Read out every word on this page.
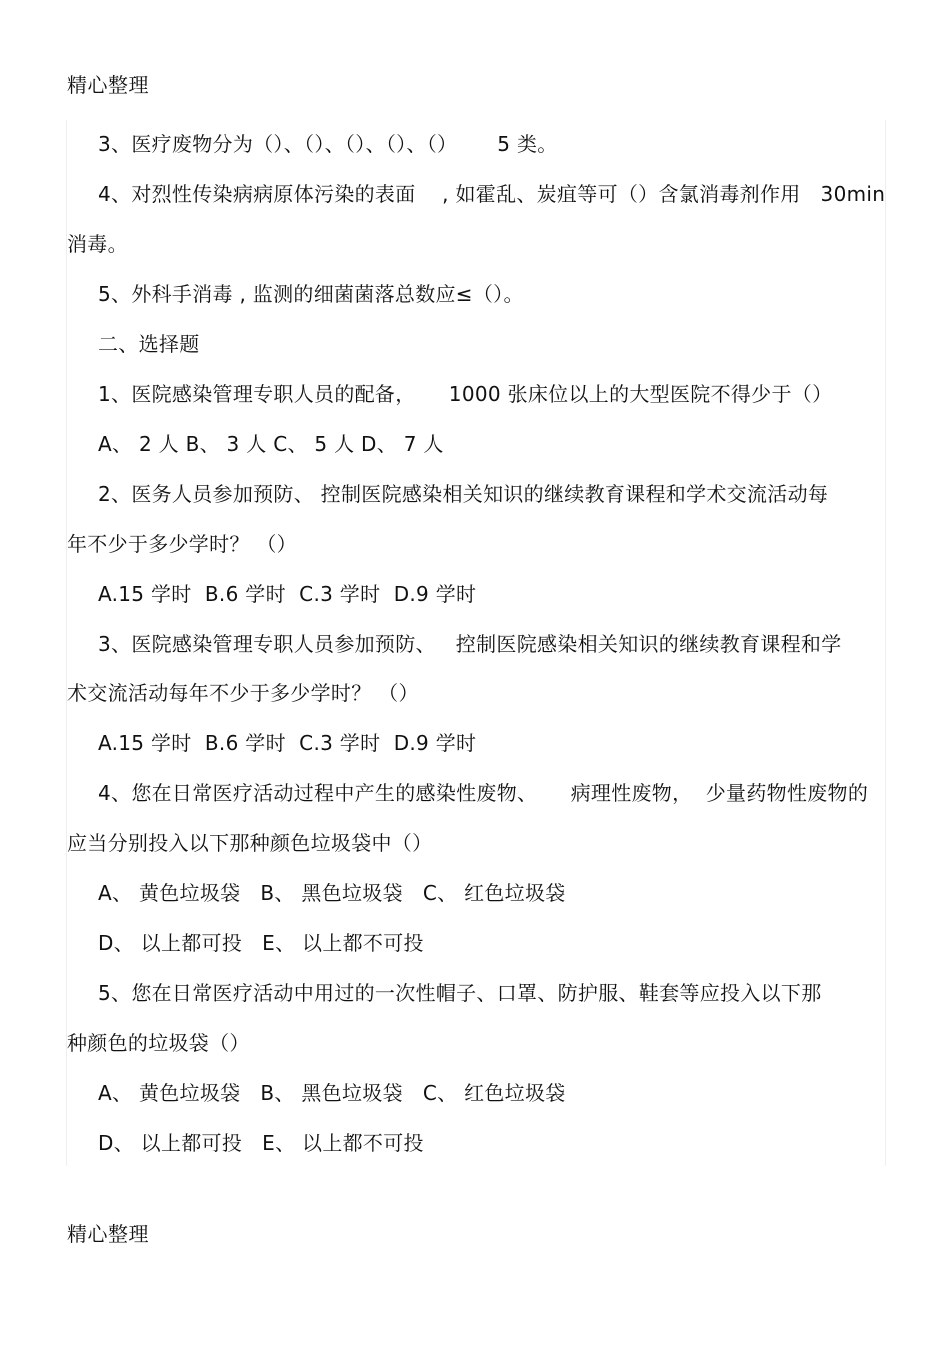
精心整理
3、医疗废物分为（）、（）、（）、（）、（）      5 类。
4、对烈性传染病病原体污染的表面    , 如霍乱、炭疽等可（）含氯消毒剂作用   30min
消毒。
5、外科手消毒 , 监测的细菌菌落总数应≤（）。
二、选择题
1、医院感染管理专职人员的配备，     1000 张床位以上的大型医院不得少于（）
A、 2 人 B、 3 人 C、 5 人 D、 7 人
2、医务人员参加预防、 控制医院感染相关知识的继续教育课程和学术交流活动每
年不少于多少学时？ （）
A.15 学时  B.6 学时  C.3 学时  D.9 学时
3、医院感染管理专职人员参加预防、   控制医院感染相关知识的继续教育课程和学
术交流活动每年不少于多少学时？ （）
A.15 学时  B.6 学时  C.3 学时  D.9 学时
4、您在日常医疗活动过程中产生的感染性废物、     病理性废物，  少量药物性废物的
应当分别投入以下那种颜色垃圾袋中（）
A、 黄色垃圾袋   B、 黑色垃圾袋   C、 红色垃圾袋
D、 以上都可投   E、 以上都不可投
5、您在日常医疗活动中用过的一次性帽子、口罩、防护服、鞋套等应投入以下那
种颜色的垃圾袋（）
A、 黄色垃圾袋   B、 黑色垃圾袋   C、 红色垃圾袋
D、 以上都可投   E、 以上都不可投
精心整理
